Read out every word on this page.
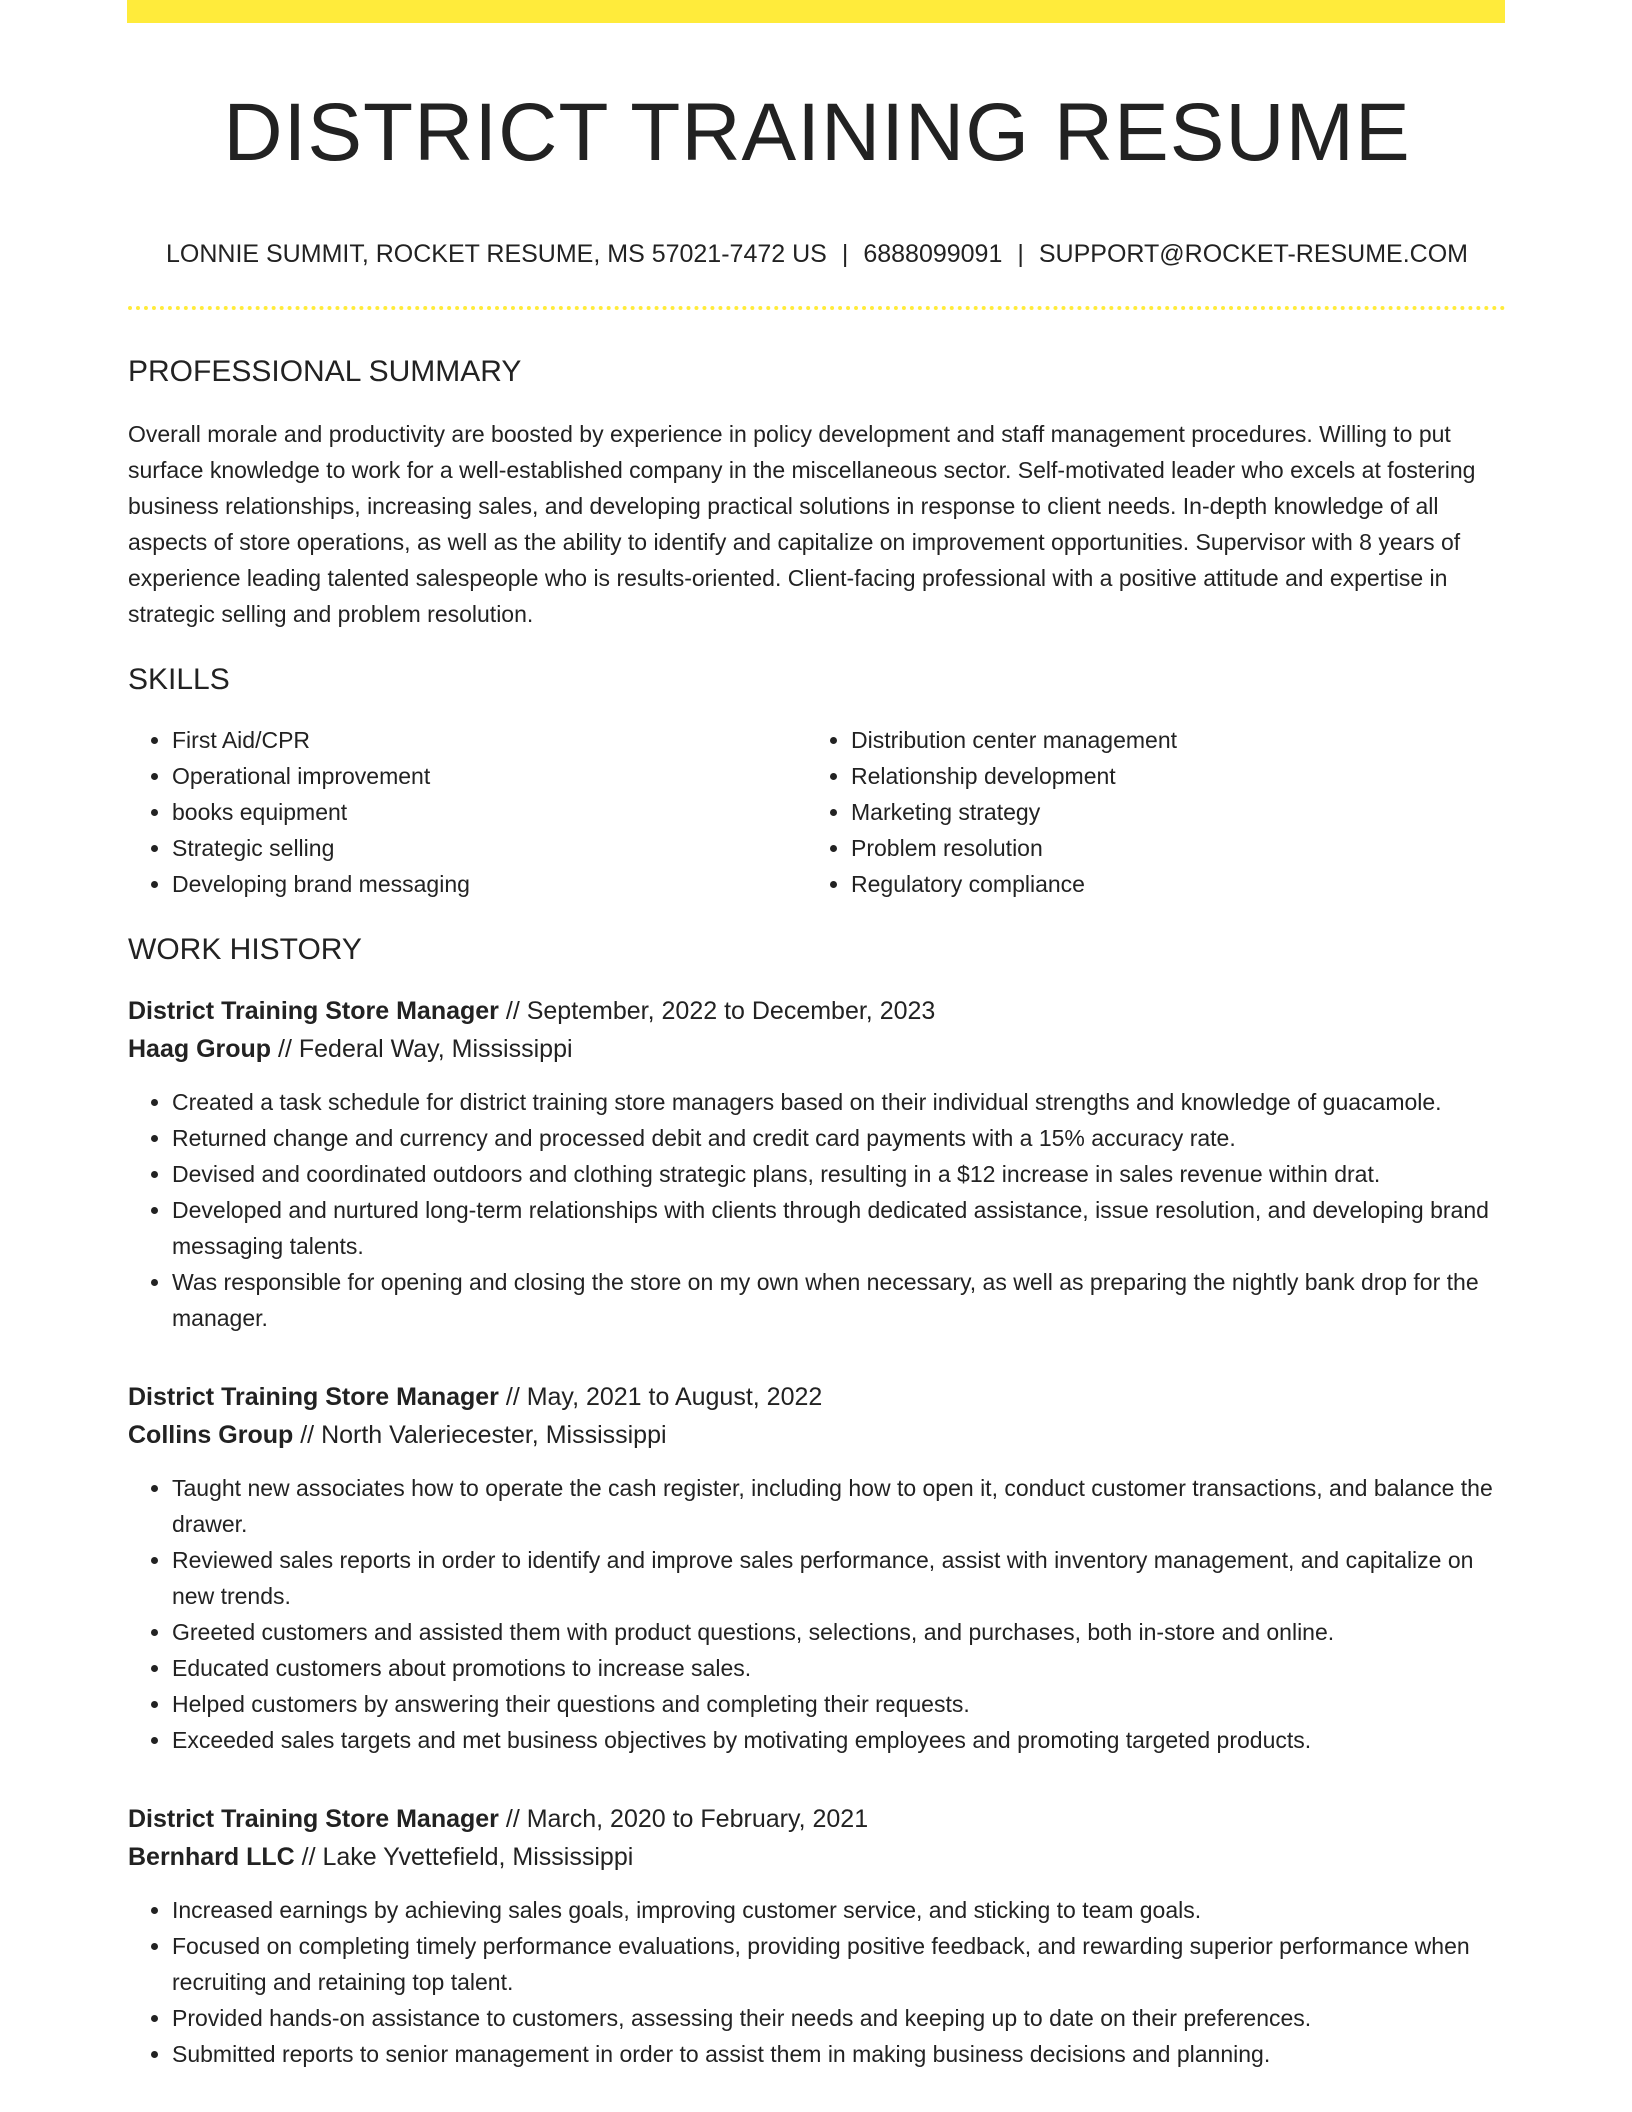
DISTRICT TRAINING RESUME
LONNIE SUMMIT, ROCKET RESUME, MS 57021-7472 US | 6888099091 | SUPPORT@ROCKET-RESUME.COM
PROFESSIONAL SUMMARY

Overall morale and productivity are boosted by experience in policy development and staff management procedures. Willing to put surface knowledge to work for a well-established company in the miscellaneous sector. Self-motivated leader who excels at fostering business relationships, increasing sales, and developing practical solutions in response to client needs. In-depth knowledge of all aspects of store operations, as well as the ability to identify and capitalize on improvement opportunities. Supervisor with 8 years of experience leading talented salespeople who is results-oriented. Client-facing professional with a positive attitude and expertise in strategic selling and problem resolution.

SKILLS
• First Aid/CPR
• Operational improvement
• books equipment
• Strategic selling
• Developing brand messaging
• Distribution center management
• Relationship development
• Marketing strategy
• Problem resolution
• Regulatory compliance
WORK HISTORY
District Training Store Manager // September, 2022 to December, 2023
Haag Group // Federal Way, Mississippi
• Created a task schedule for district training store managers based on their individual strengths and knowledge of guacamole.
• Returned change and currency and processed debit and credit card payments with a 15% accuracy rate.
• Devised and coordinated outdoors and clothing strategic plans, resulting in a $12 increase in sales revenue within drat.
• Developed and nurtured long-term relationships with clients through dedicated assistance, issue resolution, and developing brand messaging talents.
• Was responsible for opening and closing the store on my own when necessary, as well as preparing the nightly bank drop for the manager.
District Training Store Manager // May, 2021 to August, 2022
Collins Group // North Valeriecester, Mississippi
• Taught new associates how to operate the cash register, including how to open it, conduct customer transactions, and balance the drawer.
• Reviewed sales reports in order to identify and improve sales performance, assist with inventory management, and capitalize on new trends.
• Greeted customers and assisted them with product questions, selections, and purchases, both in-store and online.
• Educated customers about promotions to increase sales.
• Helped customers by answering their questions and completing their requests.
• Exceeded sales targets and met business objectives by motivating employees and promoting targeted products.
District Training Store Manager // March, 2020 to February, 2021
Bernhard LLC // Lake Yvettefield, Mississippi
• Increased earnings by achieving sales goals, improving customer service, and sticking to team goals.
• Focused on completing timely performance evaluations, providing positive feedback, and rewarding superior performance when recruiting and retaining top talent.
• Provided hands-on assistance to customers, assessing their needs and keeping up to date on their preferences.
• Submitted reports to senior management in order to assist them in making business decisions and planning.
